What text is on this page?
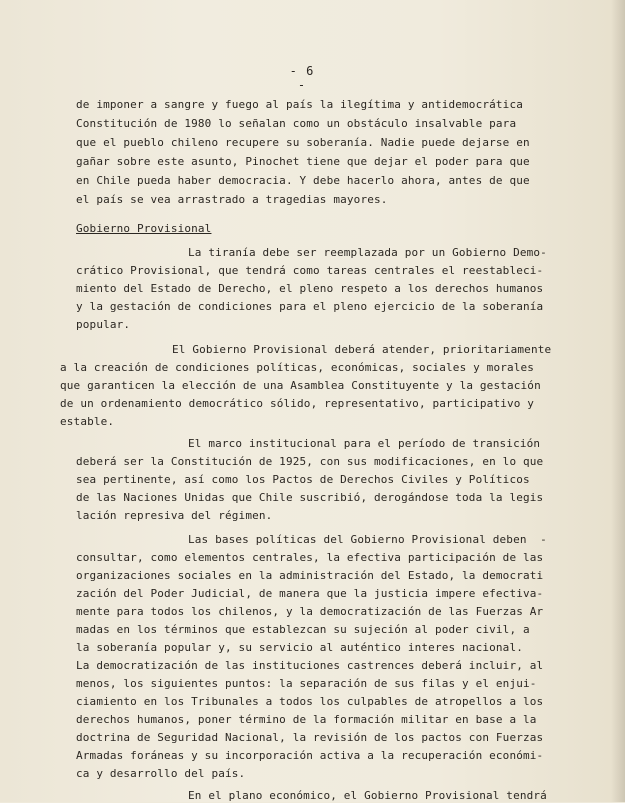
- 6 -
de imponer a sangre y fuego al país la ilegítima y antidemocrática
Constitución de 1980 lo señalan como un obstáculo insalvable para
que el pueblo chileno recupere su soberanía. Nadie puede dejarse en
gañar sobre este asunto, Pinochet tiene que dejar el poder para que
en Chile pueda haber democracia. Y debe hacerlo ahora, antes de que
el país se vea arrastrado a tragedias mayores.
Gobierno Provisional
La tiranía debe ser reemplazada por un Gobierno Demo-
crático Provisional, que tendrá como tareas centrales el reestableci-
miento del Estado de Derecho, el pleno respeto a los derechos humanos
y la gestación de condiciones para el pleno ejercicio de la soberanía
popular.
El Gobierno Provisional deberá atender, prioritariamente
a la creación de condiciones políticas, económicas, sociales y morales
que garanticen la elección de una Asamblea Constituyente y la gestación
de un ordenamiento democrático sólido, representativo, participativo y
estable.
El marco institucional para el período de transición
deberá ser la Constitución de 1925, con sus modificaciones, en lo que
sea pertinente, así como los Pactos de Derechos Civiles y Políticos
de las Naciones Unidas que Chile suscribió, derogándose toda la legis
lación represiva del régimen.
Las bases políticas del Gobierno Provisional deben  -
consultar, como elementos centrales, la efectiva participación de las
organizaciones sociales en la administración del Estado, la democrati
zación del Poder Judicial, de manera que la justicia impere efectiva-
mente para todos los chilenos, y la democratización de las Fuerzas Ar
madas en los términos que establezcan su sujeción al poder civil, a
la soberanía popular y, su servicio al auténtico interes nacional.
La democratización de las instituciones castrences deberá incluir, al
menos, los siguientes puntos: la separación de sus filas y el enjui-
ciamiento en los Tribunales a todos los culpables de atropellos a los
derechos humanos, poner término de la formación militar en base a la
doctrina de Seguridad Nacional, la revisión de los pactos con Fuerzas
Armadas foráneas y su incorporación activa a la recuperación económi-
ca y desarrollo del país.
En el plano económico, el Gobierno Provisional tendrá
